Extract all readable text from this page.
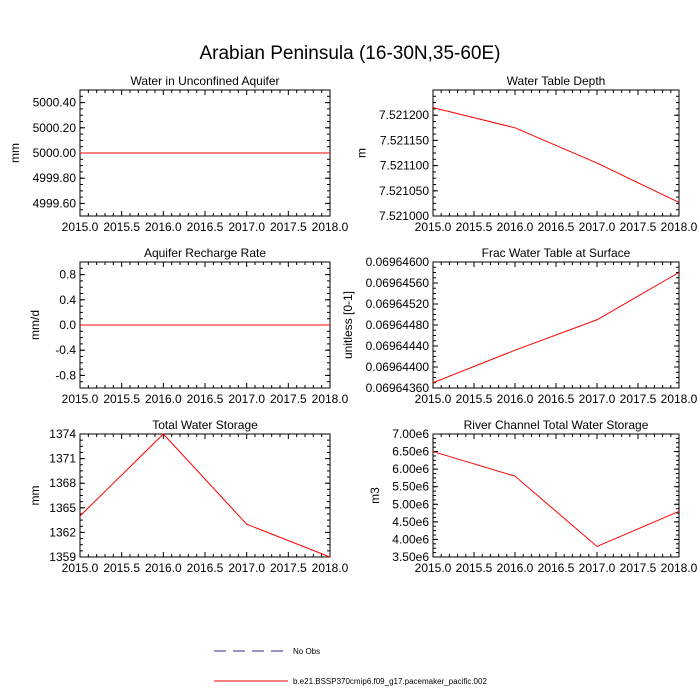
Arabian Peninsula (16-30N,35-60E)
Water in Unconfined Aquifer
2015.0 2015.5 2016.0 2016.5 2017.0 2017.5 2018.0
4999.60
4999.80
5000.00
5000.20
5000.40
mm
Water Table Depth
2015.0 2015.5 2016.0 2016.5 2017.0 2017.5 2018.0
7.521000
7.521050
7.521100
7.521150
7.521200
m
Aquifer Recharge Rate
2015.0 2015.5 2016.0 2016.5 2017.0 2017.5 2018.0
-0.8
-0.4
0.0
0.4
0.8
mm/d
Frac Water Table at Surface
2015.0 2015.5 2016.0 2016.5 2017.0 2017.5 2018.0
0.06964360
0.06964400
0.06964440
0.06964480
0.06964520
0.06964560
0.06964600
unitless [0-1]
Total Water Storage
2015.0 2015.5 2016.0 2016.5 2017.0 2017.5 2018.0
1359
1362
1365
1368
1371
1374
mm
River Channel Total Water Storage
2015.0 2015.5 2016.0 2016.5 2017.0 2017.5 2018.0
3.50e6
4.00e6
4.50e6
5.00e6
5.50e6
6.00e6
6.50e6
7.00e6
m3
No Obs
b.e21.BSSP370cmip6.f09_g17.pacemaker_pacific.002
